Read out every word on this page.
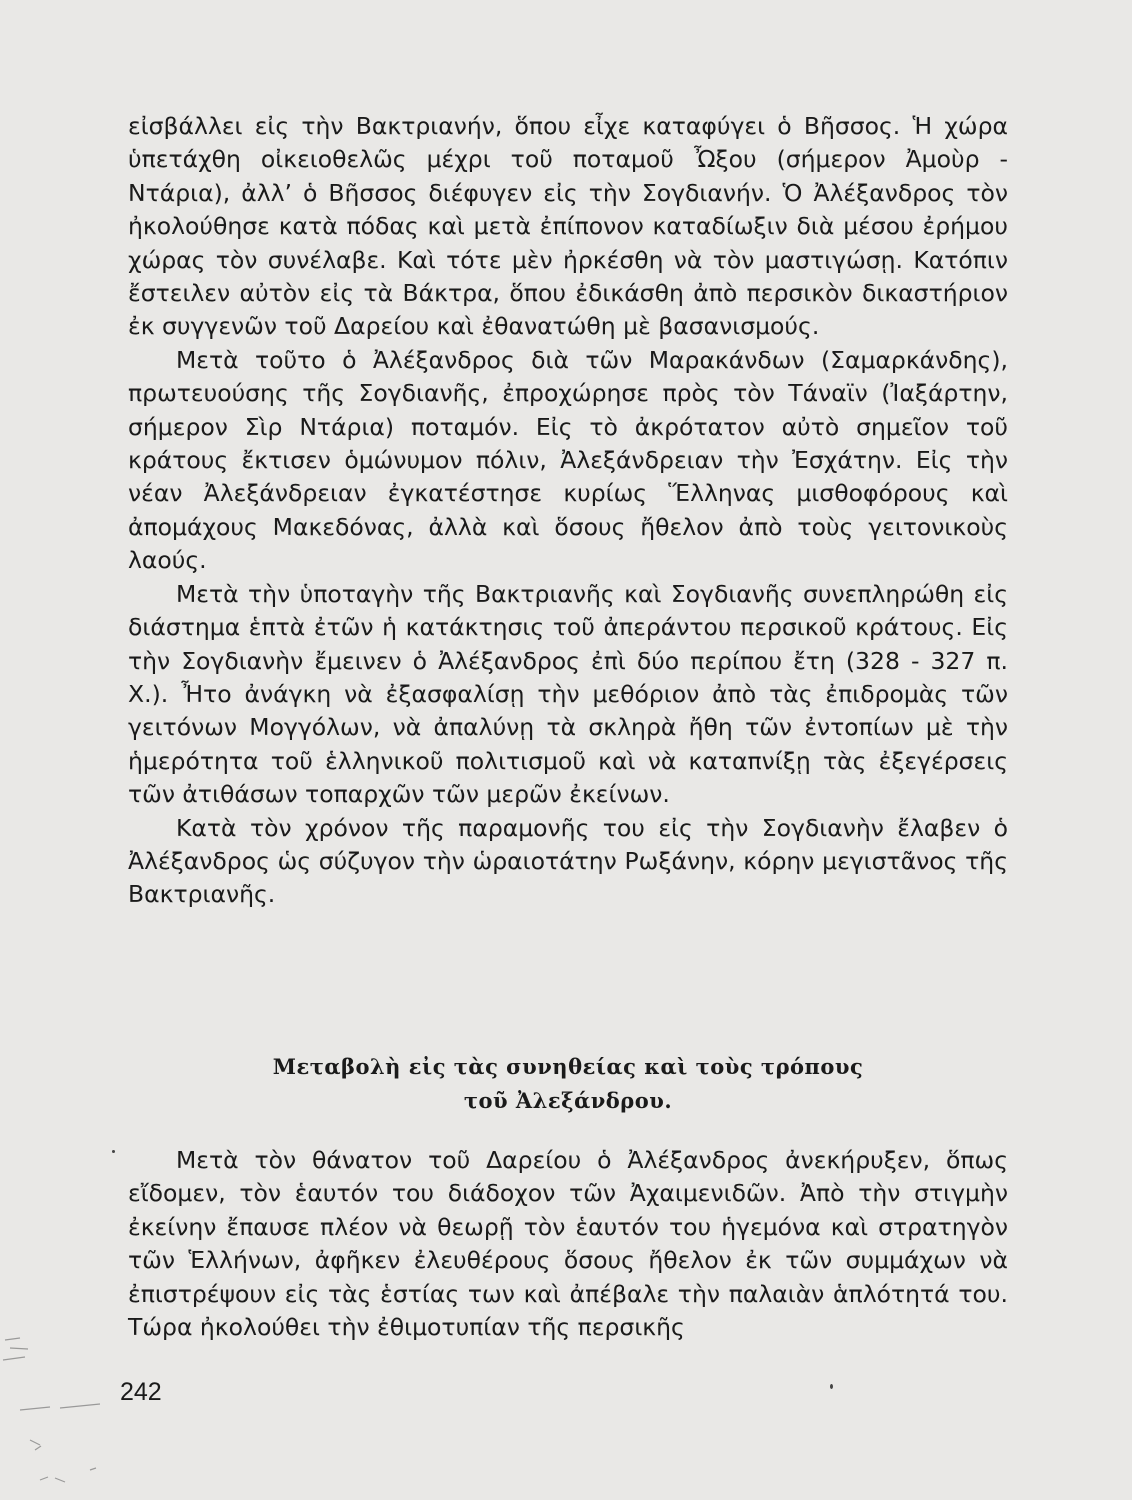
εἰσβάλλει εἰς τὴν Βακτριανήν, ὅπου εἶχε καταφύγει ὁ Βῆσσος. Ἡ χώρα ὑπετάχθη οἰκειοθελῶς μέχρι τοῦ ποταμοῦ Ὦξου (σήμερον Ἀμοὺρ - Ντάρια), ἀλλ’ ὁ Βῆσσος διέφυγεν εἰς τὴν Σογδιανήν. Ὁ Ἀλέξανδρος τὸν ἠκολούθησε κατὰ πόδας καὶ μετὰ ἐπίπονον καταδίωξιν διὰ μέσου ἐρήμου χώρας τὸν συνέλαβε. Καὶ τότε μὲν ἠρκέσθη νὰ τὸν μαστιγώσῃ. Κατόπιν ἔστειλεν αὐτὸν εἰς τὰ Βάκτρα, ὅπου ἐδικάσθη ἀπὸ περσικὸν δικαστήριον ἐκ συγγενῶν τοῦ Δαρείου καὶ ἐθανατώθη μὲ βασανισμούς.

Μετὰ τοῦτο ὁ Ἀλέξανδρος διὰ τῶν Μαρακάνδων (Σαμαρκάνδης), πρωτευούσης τῆς Σογδιανῆς, ἐπροχώρησε πρὸς τὸν Τάναϊν (Ἰαξάρτην, σήμερον Σὶρ Ντάρια) ποταμόν. Εἰς τὸ ἀκρότατον αὐτὸ σημεῖον τοῦ κράτους ἔκτισεν ὁμώνυμον πόλιν, Ἀλεξάνδρειαν τὴν Ἐσχάτην. Εἰς τὴν νέαν Ἀλεξάνδρειαν ἐγκατέστησε κυρίως Ἕλληνας μισθοφόρους καὶ ἀπομάχους Μακεδόνας, ἀλλὰ καὶ ὅσους ἤθελον ἀπὸ τοὺς γειτονικοὺς λαούς.

Μετὰ τὴν ὑποταγὴν τῆς Βακτριανῆς καὶ Σογδιανῆς συνεπληρώθη εἰς διάστημα ἑπτὰ ἐτῶν ἡ κατάκτησις τοῦ ἀπεράντου περσικοῦ κράτους. Εἰς τὴν Σογδιανὴν ἔμεινεν ὁ Ἀλέξανδρος ἐπὶ δύο περίπου ἔτη (328 - 327 π. Χ.). Ἦτο ἀνάγκη νὰ ἐξασφαλίσῃ τὴν μεθόριον ἀπὸ τὰς ἐπιδρομὰς τῶν γειτόνων Μογγόλων, νὰ ἀπαλύνῃ τὰ σκληρὰ ἤθη τῶν ἐντοπίων μὲ τὴν ἡμερότητα τοῦ ἑλληνικοῦ πολιτισμοῦ καὶ νὰ καταπνίξῃ τὰς ἐξεγέρσεις τῶν ἀτιθάσων τοπαρχῶν τῶν μερῶν ἐκείνων.

Κατὰ τὸν χρόνον τῆς παραμονῆς του εἰς τὴν Σογδιανὴν ἔλαβεν ὁ Ἀλέξανδρος ὡς σύζυγον τὴν ὡραιοτάτην Ρωξάνην, κόρην μεγιστᾶνος τῆς Βακτριανῆς.

Μεταβολὴ εἰς τὰς συνηθείας καὶ τοὺς τρόπους
τοῦ Ἀλεξάνδρου.

Μετὰ τὸν θάνατον τοῦ Δαρείου ὁ Ἀλέξανδρος ἀνεκήρυξεν, ὅπως εἴδομεν, τὸν ἑαυτόν του διάδοχον τῶν Ἀχαιμενιδῶν. Ἀπὸ τὴν στιγμὴν ἐκείνην ἔπαυσε πλέον νὰ θεωρῇ τὸν ἑαυτόν του ἡγεμόνα καὶ στρατηγὸν τῶν Ἑλλήνων, ἀφῆκεν ἐλευθέρους ὅσους ἤθελον ἐκ τῶν συμμάχων νὰ ἐπιστρέψουν εἰς τὰς ἑστίας των καὶ ἀπέβαλε τὴν παλαιὰν ἁπλότητά του. Τώρα ἠκολούθει τὴν ἐθιμοτυπίαν τῆς περσικῆς

242
